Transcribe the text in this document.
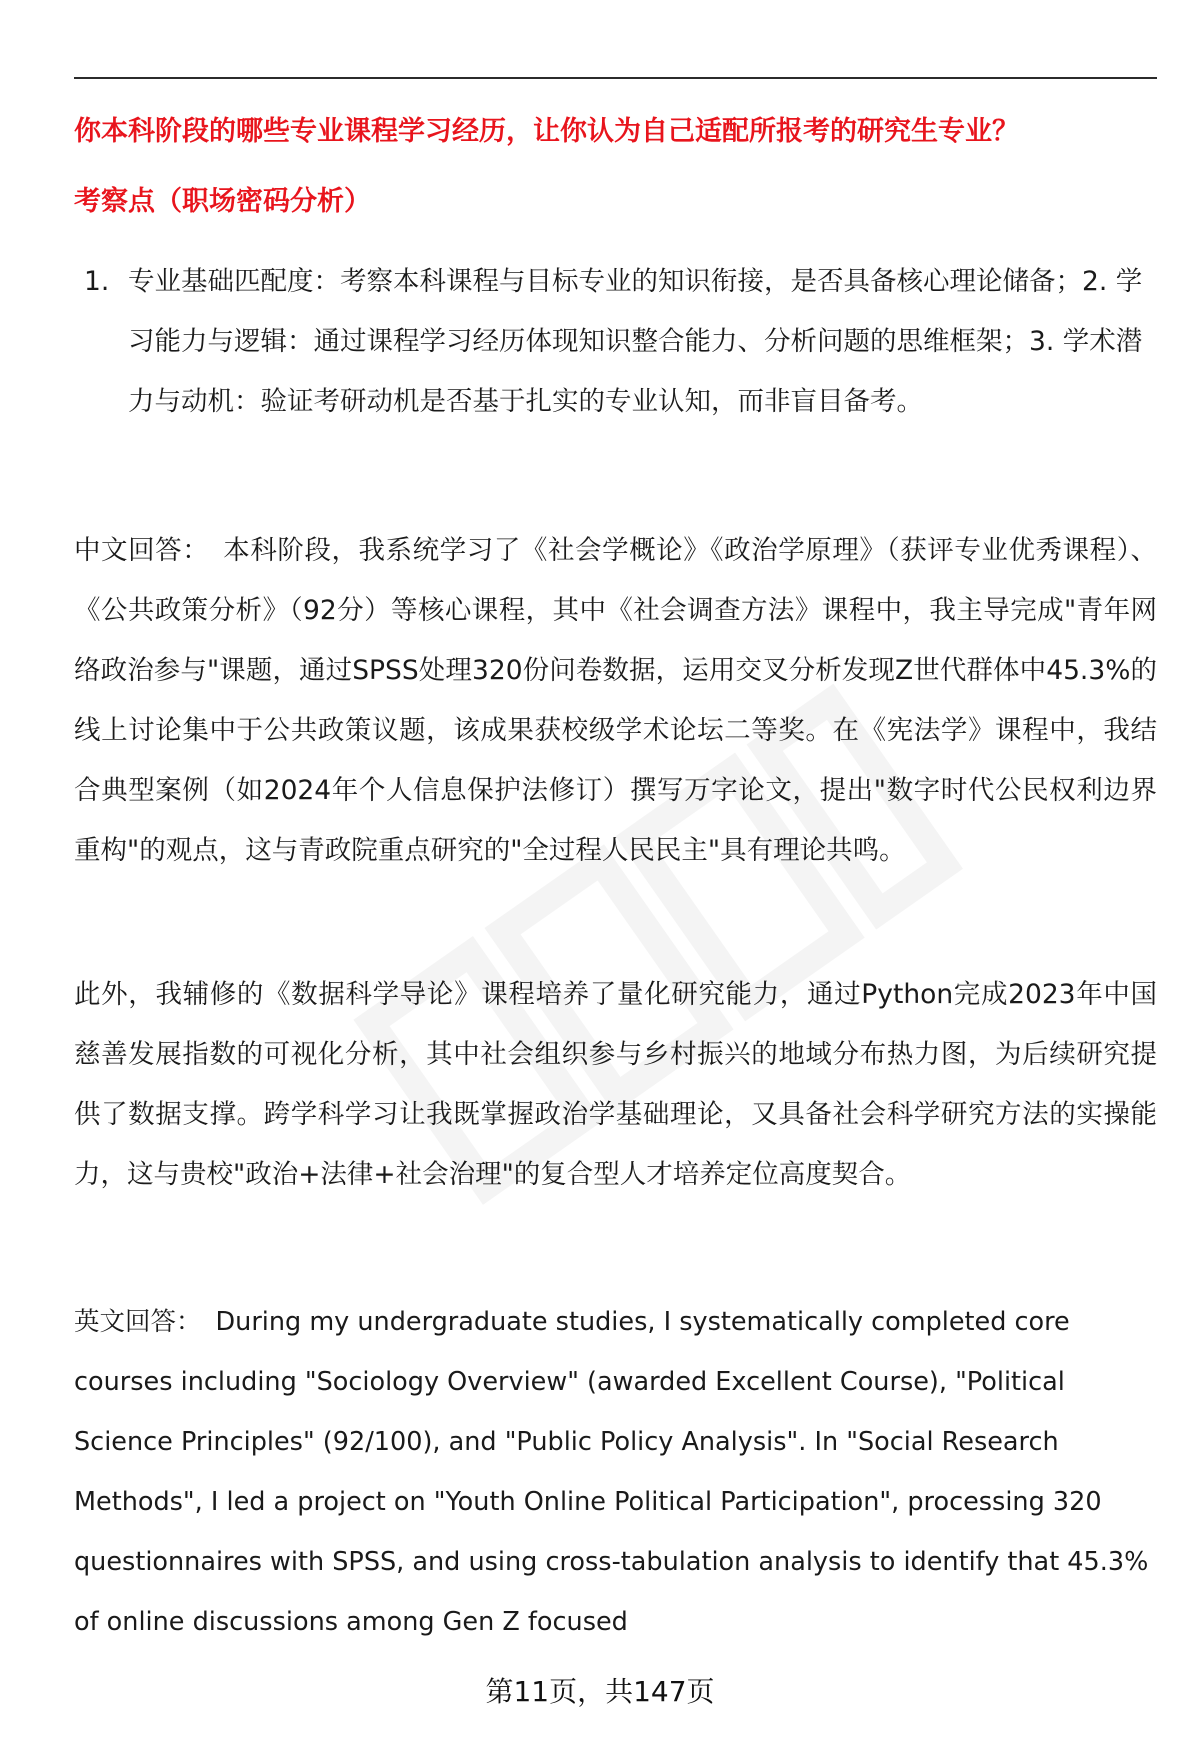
你本科阶段的哪些专业课程学习经历，让你认为自己适配所报考的研究生专业？
考察点（职场密码分析）
1. 专业基础匹配度：考察本科课程与目标专业的知识衔接，是否具备核心理论储备；2. 学习能力与逻辑：通过课程学习经历体现知识整合能力、分析问题的思维框架；3. 学术潜力与动机：验证考研动机是否基于扎实的专业认知，而非盲目备考。
中文回答： 本科阶段，我系统学习了《社会学概论》《政治学原理》（获评专业优秀课程）、《公共政策分析》（92分）等核心课程，其中《社会调查方法》课程中，我主导完成"青年网络政治参与"课题，通过SPSS处理320份问卷数据，运用交叉分析发现Z世代群体中45.3%的线上讨论集中于公共政策议题，该成果获校级学术论坛二等奖。在《宪法学》课程中，我结合典型案例（如2024年个人信息保护法修订）撰写万字论文，提出"数字时代公民权利边界重构"的观点，这与青政院重点研究的"全过程人民民主"具有理论共鸣。
此外，我辅修的《数据科学导论》课程培养了量化研究能力，通过Python完成2023年中国慈善发展指数的可视化分析，其中社会组织参与乡村振兴的地域分布热力图，为后续研究提供了数据支撑。跨学科学习让我既掌握政治学基础理论，又具备社会科学研究方法的实操能力，这与贵校"政治+法律+社会治理"的复合型人才培养定位高度契合。
英文回答： During my undergraduate studies, I systematically completed core courses including "Sociology Overview" (awarded Excellent Course), "Political Science Principles" (92/100), and "Public Policy Analysis". In "Social Research Methods", I led a project on "Youth Online Political Participation", processing 320 questionnaires with SPSS, and using cross-tabulation analysis to identify that 45.3% of online discussions among Gen Z focused
第11页，共147页
